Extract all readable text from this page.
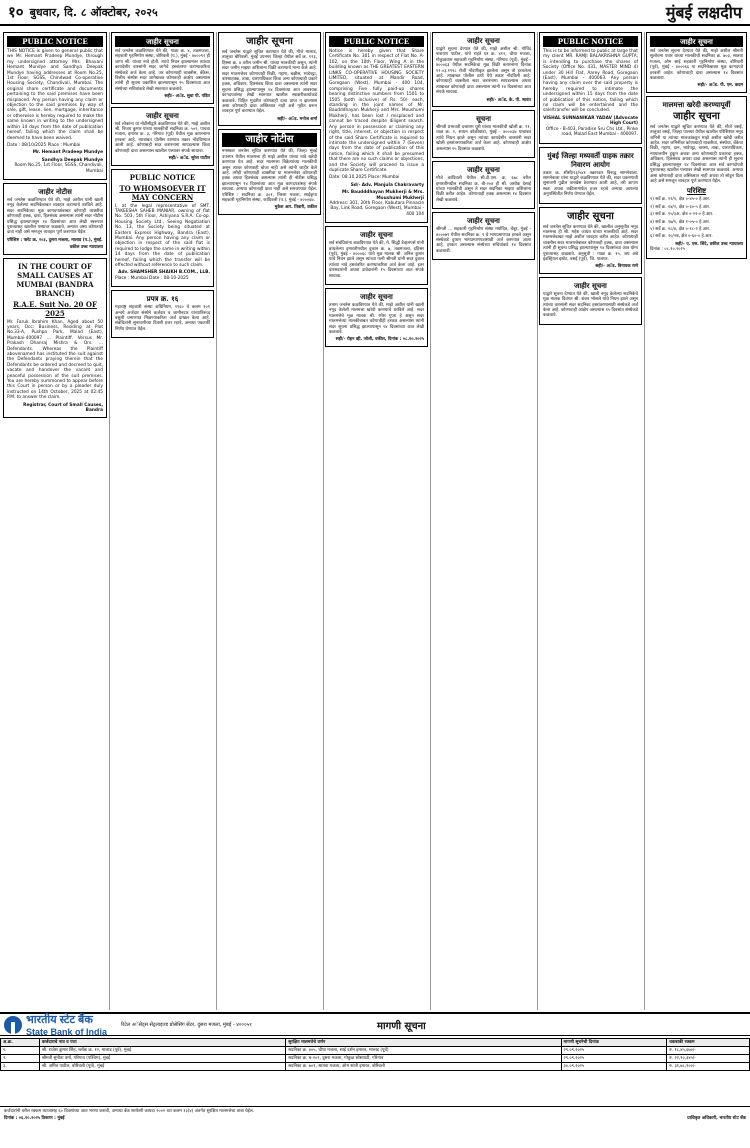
१० बुधवार, दि. ८ ऑक्टोबर, २०२५	मुंबई लक्षदीप
PUBLIC NOTICE
THIS NOTICE is given to general public that we Mr. Hemant Pradeep Mundye, through my undersigned attorney Mrs. Bhavani Hemant Mundye and Sandhya Deepak Mundye having addresses at Room No.25, 1st Floor, SGSS, Chindwad Co-operative Housing Society, Chandivali, Mumbai. The original share certificate and documents pertaining to the said premises have been misplaced. Any person having any claim or objection to the said premises by way of sale, gift, lease, lien, mortgage, inheritance or otherwise is hereby required to make the same known in writing to the undersigned within 14 days from the date of publication hereof, failing which the claim shall be deemed to have been waived.
Date : 08/10/2025 Place : Mumbai
Mr. Hemant Pradeep Mundye
Sandhya Deepak Mundye
Room No.25, 1st Floor, SGSS, Chandivali, Mumbai
जाहीर नोटीस
सर्व जनतेस कळविण्यात येते की, माझे अशील यांनी खाली नमूद केलेल्या सदनिकेबाबत व्यवहार करण्याचे ठरविले आहे. सदर सदनिकेच्या मूळ कागदपत्रांबाबत कोणाही व्यक्तीचा कोणताही हक्क, दावा, हितसंबंध असल्यास त्यांनी सदर नोटीस प्रसिद्ध झाल्यापासून १४ दिवसांच्या आत लेखी स्वरुपात पुराव्यासह खालील पत्त्यावर कळवावे, अन्यथा असा कोणताही दावा नाही असे समजून व्यवहार पूर्ण करण्यात येईल.
परिशिष्ट : फ्लॅट क्र. २०३, दुसरा मजला, मालाड (प.), मुंबई.
वकील उच्च न्यायालय
IN THE COURT OF SMALL CAUSES AT MUMBAI (BANDRA BRANCH)
R.A.E. Suit No. 20 OF 2025
Mr. Faruk Ibrahim Khan, Aged about 50 years, Occ: Business, Residing at Plot No.33-A, Pushpa Park, Malad (East), Mumbai-400097 ... Plaintiff. Versus Mr. Prakash Dhanraj Mishra & Ors. ... Defendants. Whereas the Plaintiff abovenamed has instituted the suit against the Defendants praying therein that the Defendants be ordered and decreed to quit, vacate and handover the vacant and peaceful possession of the suit premises. You are hereby summoned to appear before this Court in person or by a pleader duly instructed on 14th October, 2025 at 02:45 P.M. to answer the claim.
Registrar, Court of Small Causes, Bandra
जाहीर सूचना
सर्व जनतेस कळविण्यात येते की, गाळा क्र. ४, तळमजला, सहकारी गृहनिर्माण संस्था, बोरिवली (प.), मुंबई - ४०००९२ ही जागा श्री. यांच्या नावे होती. त्यांचे निधन झाल्यानंतर त्यांच्या कायदेशीर वारसांनी सदर जागेचे हस्तांतरण करण्याकरिता संस्थेकडे अर्ज केला आहे. जर कोणत्याही व्यक्तीस, बँकेस, वित्तीय संस्थेस सदर जागेबाबत कोणताही आक्षेप असल्यास त्यांनी ही सूचना प्रकाशित झाल्यापासून १५ दिवसांच्या आत संस्थेच्या सचिवांकडे लेखी स्वरुपात कळवावे.
सही/- अॅड. सुधा पी. पंडित
जाहीर सूचना
सर्व लोकांना या नोटीसीद्वारे कळविण्यात येते की, माझे अशील श्री. विजय कुमार यांच्या मालकीची सदनिका क्र. ५०२, पाचवा मजला, इमारत क्र. ३, गोरेगाव (पूर्व) येथील मूळ करारनामा हरवला आहे. त्याबाबत पोलीस ठाण्यात तक्रार नोंदविण्यात आली आहे. कोणासही सदर करारनामा सापडल्यास किंवा कोणताही दावा असल्यास खालील पत्त्यावर संपर्क साधावा.
सही/- अॅड. सुरेश पाटील
PUBLIC NOTICE
TO WHOMSOEVER IT MAY CONCERN
I, at the legal representative of SMT. TAKEESHA SAHEB MANIAR, owning of flat No. 503, 5th Floor, Ashiyana S.R.A. Co-op. Housing Society Ltd., Seeing Negotiation No. 13, the Society being situated at Eastern Express Highway, Bandra (East), Mumbai. Any person having any claim or objection in respect of the said flat is required to lodge the same in writing within 14 days from the date of publication hereof, failing which the transfer will be effected without reference to such claim.
Adv. SHAMSHER SHAIKH B.COM., LLB.
Place : Mumbai Date : 08-10-2025
प्रपत्र क्र. १६
महाराष्ट्र सहकारी संस्था अधिनियम, १९६० चे कलम १०१ अन्वये अर्जदार संस्थेने कर्जदार व जामीनदार यांच्याविरुध्द वसुली प्रमाणपत्र मिळण्याकरिता अर्ज दाखल केला आहे. संबंधितांनी सुनावणीच्या दिवशी हजर रहावे, अन्यथा एकतर्फी निर्णय घेण्यात येईल.
जाहीर सूचना
सर्व जनतेस याद्वारे सूचित करण्यात येते की, मौजे मालाड, तालुका बोरिवली, मुंबई उपनगर जिल्हा येथील सर्वे क्र. १२३, हिस्सा क्र. ४ वरील जमीन श्री. यांच्या मालकीची असून, त्यांनी सदर जमीन माझ्या अशिलांना विक्री करण्याचे मान्य केले आहे. सदर मालमत्तेवर कोणाचाही विक्री, गहाण, बक्षीस, भाडेपट्टा, वारसाहक्क, ताबा, धारणाधिकार किंवा अन्य कोणत्याही प्रकारे हक्क, अधिकार, हितसंबंध किंवा दावा असल्यास त्यांनी सदर सूचना प्रसिद्ध झाल्यापासून १४ दिवसांच्या आत आवश्यक कागदपत्रांसह लेखी स्वरुपात खालील स्वाक्षरीकर्त्याकडे कळवावे. विहित मुदतीत कोणताही दावा प्राप्त न झाल्यास असा कोणताही दावा अस्तित्वात नाही असे गृहीत धरून व्यवहार पूर्ण करण्यात येईल.
सही/- अॅड. मनोज शर्मा
जाहीर नोटीस
नमस्कार जनतेस सूचित करण्यात येते की, जिल्हा मुंबई उपनगर येथील मालमत्ता ही माझे अशील यांच्या नावे खरेदी करण्यात येत आहे. सदर मालमत्ता विक्रेत्यांच्या मालकीची असून त्यावर कोणताही बोजा नाही असे त्यांनी जाहीर केले आहे. तरीही कोणत्याही व्यक्तीचा या मालमत्तेवर कोणताही हक्क अथवा हितसंबंध असल्यास त्यांनी ही नोटीस प्रसिद्ध झाल्यापासून १४ दिवसांच्या आत मूळ कागदपत्रांसह संपर्क साधावा. अन्यथा कोणताही दावा नाही असे समजण्यात येईल. परिशिष्ट : सदनिका क्र. ३०१, तिसरा मजला, साईकृपा सहकारी गृहनिर्माण संस्था, कांदिवली (प.), मुंबई - ४०००६७.
मुकेश आर. तिवारी, वकील
PUBLIC NOTICE
Notice is hereby given that Share Certificate No. 301 in respect of Flat No. A-102, on the 10th Floor, Wing A in the building known as THE GREATEST EASTERN LINKS CO-OPERATIVE HOUSING SOCIETY LIMITED, situated at Mandir Road, Goregaon (West), Mumbai - 400 104, comprising Five fully paid-up shares bearing distinctive numbers from 1501 to 1505 (both inclusive) of Rs. 50/- each, standing in the joint names of Mr. Baudddhayan Mukherji and Mrs. Moushumi Mukherji, has been lost / misplaced and cannot be traced despite diligent search. Any person in possession or claiming any right, title, interest, or objection in respect of the said Share Certificate is required to intimate the undersigned within 7 (Seven) days from the date of publication of this notice, failing which it shall be presumed that there are no such claims or objections, and the Society will proceed to issue a duplicate Share Certificate.
Date: 08.10.2025 Place: Mumbai
Sd/- Adv. Manjula Chakravarty
Mr. Baudddhayan Mukherji & Mrs. Moushumi Mukherji
Address: 301, 20th Floor, Kabutara Pinnacle Bay, Link Road, Goregaon (West), Mumbai - 400 104
जाहीर सूचना
सर्व संबंधितांना कळविण्यात येते की, मे. सिद्धी डेव्हलपर्स यांनी बांधलेल्या इमारतीमधील दुकान क्र. ७, तळमजला, दहिसर (पूर्व), मुंबई - ४०००६८ याचे मूळ मालक श्री. अनिल कुमार यांचे निधन झाले असून त्यांच्या पत्नी श्रीमती यांनी सदर दुकान त्यांच्या नावे हस्तांतरित करण्याकरिता अर्ज केला आहे. इतर वारसदारांनी अथवा दावेदारांनी १५ दिवसांच्या आत संपर्क साधावा.
जाहीर सूचना
तमाम जनतेस कळविण्यात येते की, माझे अशील यांनी खाली नमूद केलेली मालमत्ता खरेदी करण्याचे ठरविले आहे. सदर मालमत्तेचे मूळ मालक श्री. रमेश गुप्ता हे असून सदर मालमत्तेच्या मालकीबाबत कोणाचीही हरकत असल्यास त्यांनी सदर सूचना प्रसिद्ध झाल्यापासून १४ दिवसांच्या आत लेखी कळवावे.
सही/- रोहन व्ही. जोशी, वकील, दिनांक : ०८.१०.२०२५
जाहीर सूचना
याद्वारे सूचना देण्यात येते की, माझे अशील श्री. गोविंद नारायण पाटील, यांचे राहते घर क्र. ४१२, चौथा मजला, गोकुळधाम सहकारी गृहनिर्माण संस्था, गोरेगाव (पूर्व), मुंबई - ४०००६३ येथील सदनिकेचा मूळ विक्री करारनामा दिनांक १२.०३.१९९८ रोजी नोंदणीकृत झालेला असून तो हरवलेला आहे. त्याबाबत पोलीस ठाणे येथे तक्रार नोंदविली आहे. कोणत्याही व्यक्तीला सदर करारनामा सापडल्यास अथवा त्याबाबत कोणताही दावा असल्यास त्यांनी १४ दिवसांच्या आत संपर्क साधावा.
सही/- अॅड. के. पी. सावंत
सूचना
श्रीमती प्रभावती दत्ताराम धुरी यांच्या मालकीची खोली क्र. ११, चाळ क्र. २, सायन कोळीवाडा, मुंबई - ४०००३७ याबाबत त्यांचे निधन झाले असून त्यांच्या कायदेशीर वारसांनी सदर खोली हस्तांतरणाकरिता अर्ज केला आहे. कोणाचाही आक्षेप असल्यास १५ दिवसांत कळवावे.
जाहीर सूचना
मौजे कांदिवली येथील सी.टी.एस. क्र. ६७८ वरील इमारतीमधील सदनिका क्र. बी-२०४ ही श्री. अशोक देसाई यांच्या मालकीची असून ते सदर सदनिका माझ्या अशिलांना विक्री करीत आहेत. कोणाचाही हक्क असल्यास १४ दिवसांत लेखी कळवावे.
जाहीर सूचना
श्रीमती ... सहकारी गृहनिर्माण संस्था मर्यादित, चेंबूर, मुंबई - ४०००७१ येथील सदनिका क्र. ९ चे भागप्रमाणपत्र हरवले असून संस्थेकडे दुय्यम भागप्रमाणपत्रासाठी अर्ज करण्यात आला आहे. हरकत असल्यास संस्थेच्या सचिवांकडे १४ दिवसांत कळवावी.
PUBLIC NOTICE
This is to be informed to public at large that my client MR. RAMJI BALAKRISHNA GUPTA, is intending to purchase the shares of Society (Office No. 431, MASTER MIND 4) under 30 Hill Flat, Aarey Road, Goregaon (East), Mumbai - 400063. Any person having any claim over the said property is hereby required to intimate the undersigned within 15 days from the date of publication of this notice, failing which no claim will be entertained and the sale/transfer will be concluded.
VISHAL SUNNANIKAR YADAV (Advocate High Court)
Office - B-403, Paradise Sru Chs Ltd., Pinke road, Malad East Mumbai - 400097.
मुंबई जिल्हा मध्यवर्ती ग्राहक तक्रार निवारण आयोग
तक्रार क्र. सीसी/२३/५४१ तक्रारदार विरुद्ध सामनेवाला. सामनेवाला यांना याद्वारे कळविण्यात येते की, सदर प्रकरणाची सुनावणी पुढील तारखेस ठेवण्यात आली आहे, तरी आपण स्वतः अथवा वकीलामार्फत हजर रहावे अन्यथा आपल्या अनुपस्थितीत निर्णय घेण्यात येईल.
जाहीर सूचना
सर्व जनतेस सूचित करण्यात येते की, खालील अनुसूचीत नमूद मालमत्ता ही श्री. महेश जाधव यांच्या मालकीची आहे. सदर मालमत्तेबाबत माझे अशील व्यवहार करीत आहेत. कोणत्याही व्यक्तीस सदर मालमत्तेबाबत कोणताही हक्क, दावा असल्यास त्यांनी ही सूचना प्रसिद्ध झाल्यापासून १४ दिवसांच्या आत योग्य पुराव्यासह कळवावे. अनुसूची : गाळा क्र. १५, जय अंबे इंडस्ट्रियल इस्टेट, वसई (पूर्व), जि. पालघर.
सही/- अॅड. विनायक राणे
जाहीर सूचना
याद्वारे सूचना देण्यात येते की, खाली नमूद केलेल्या सदनिकेचे मूळ मालक दिवंगत श्री. शंकर भोसले यांचे निधन झाले असून त्यांच्या वारसांनी सदर सदनिका हस्तांतरणासाठी संस्थेकडे अर्ज केला आहे. कोणाचाही आक्षेप असल्यास १५ दिवसांत संस्थेकडे कळवावे.
जाहीर सूचना
सर्व जनतेस सूचना देण्यात येते की, माझे अशील श्रीमती सुलोचना पवार यांच्या मालकीची सदनिका क्र. ७०३, सातवा मजला, ओम साई सहकारी गृहनिर्माण संस्था, बोरिवली (पूर्व), मुंबई - ४०००६६ या सदनिकेबाबत मूळ कागदपत्रे हरवली आहेत. कोणाचाही दावा असल्यास १४ दिवसांत कळवावा.
सही/- अॅड. पी. एम. कदम
मालमत्ता खरेदी करण्यापूर्वी
जाहीर सूचना
सर्व जनतेस याद्वारे सूचित करण्यात येते की, मौजे वसई, तालुका वसई, जिल्हा पालघर येथील खालील परिशिष्टात नमूद जमिनी या त्यांच्या मालकांकडून माझे अशील खरेदी करीत आहेत. सदर जमिनींवर कोणत्याही व्यक्तीचा, संस्थेचा, बँकेचा विक्री, गहाण, दान, भाडेपट्टा, वारसा, ताबा, धारणाधिकार, न्यायालयीन हुकूम अथवा अन्य कोणत्याही प्रकारचा हक्क, अधिकार, हितसंबंध अथवा दावा असल्यास त्यांनी ही सूचना प्रसिद्ध झाल्यापासून १४ दिवसांच्या आत सर्व कागदोपत्री पुराव्यासह खालील पत्त्यावर लेखी स्वरुपात कळवावे. अन्यथा असा कोणताही दावा अस्तित्वात नाही अथवा तो सोडून दिला आहे असे समजून व्यवहार पूर्ण करण्यात येईल.
परिशिष्ट
१) सर्वे क्र. १२/१, क्षेत्र ०-४५-० हे.आर.
२) सर्वे क्र. १४/२, क्षेत्र ०-३०-५ हे.आर.
३) सर्वे क्र. १५/३अ, क्षेत्र ०-२२-० हे.आर.
४) सर्वे क्र. १७/१, क्षेत्र १-०५-० हे.आर.
५) सर्वे क्र. १८/४, क्षेत्र ०-१८-२ हे.आर.
६) सर्वे क्र. २०/२ब, क्षेत्र ०-६०-० हे.आर.
सही/- ए. एस. शिंदे, वकील उच्च न्यायालय
दिनांक : ०८.१०.२०२५
भारतीय स्टेट बैंक
State Bank of India
रिटेल अॅसेट्स सेंट्रलाइज्ड प्रोसेसिंग सेंटर, दुसरा मजला, मुंबई - ४०००५१	मागणी सूचना
अ.क्र.	कर्जदाराचे नाव व पत्ता	सुरक्षित मालमत्तेचे वर्णन	मागणी सूचनेची दिनांक	थकबाकी रक्कम
१.	श्री. राजेश कुमार सिंह, ब्लॉक क्र. १२, मालाड (पूर्व), मुंबई	सदनिका क्र. ४०५, चौथा मजला, साई दर्शन इमारत, मालाड (पूर्व)	२९.०९.२०२५	रु. १८,४५,६७०/-
२.	श्रीमती सुनीता वर्मा, गोरेगाव (पश्चिम), मुंबई	सदनिका क्र. ब-२०२, दुसरा मजला, गोकुळ सोसायटी, गोरेगाव	२९.०९.२०२५	रु. २२,१०,३४५/-
३.	श्री. अमित पाटील, बोरिवली (पूर्व), मुंबई	सदनिका क्र. ७०१, सातवा मजला, ओम शांती इमारत, बोरिवली	३०.०९.२०२५	रु. ३१,७८,९००/-
कर्जदारांनी वरील रक्कम व्याजासह ६० दिवसांच्या आत भरणा करावी, अन्यथा बँक सरफेसी कायदा २००२ च्या कलम १३(४) अंतर्गत सुरक्षित मालमत्तेचा ताबा घेईल.
दिनांक : ०६.१०.२०२५ ठिकाण : मुंबई	प्राधिकृत अधिकारी, भारतीय स्टेट बँक
